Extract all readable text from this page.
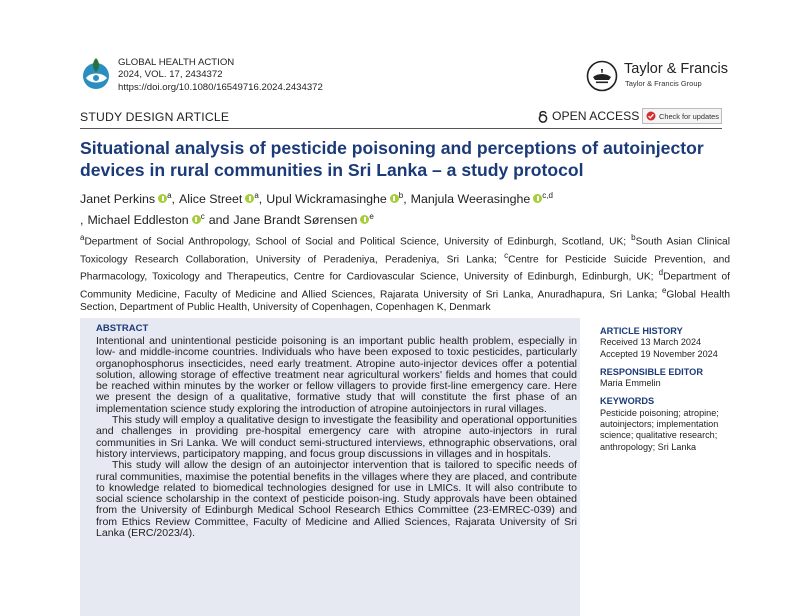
GLOBAL HEALTH ACTION
2024, VOL. 17, 2434372
https://doi.org/10.1080/16549716.2024.2434372
Taylor & Francis
Taylor & Francis Group
STUDY DESIGN ARTICLE	OPEN ACCESS	Check for updates
Situational analysis of pesticide poisoning and perceptions of autoinjector devices in rural communities in Sri Lanka – a study protocol
Janet Perkins $^a$, Alice Street $^a$, Upul Wickramasinghe $^b$, Manjula Weerasinghe $^{c,d}$
, Michael Eddleston $^c$ and Jane Brandt Sørensen $^e$
$^a$Department of Social Anthropology, School of Social and Political Science, University of Edinburgh, Scotland, UK; $^b$South Asian Clinical Toxicology Research Collaboration, University of Peradeniya, Peradeniya, Sri Lanka; $^c$Centre for Pesticide Suicide Prevention, and Pharmacology, Toxicology and Therapeutics, Centre for Cardiovascular Science, University of Edinburgh, Edinburgh, UK; $^d$Department of Community Medicine, Faculty of Medicine and Allied Sciences, Rajarata University of Sri Lanka, Anuradhapura, Sri Lanka; $^e$Global Health Section, Department of Public Health, University of Copenhagen, Copenhagen K, Denmark
ABSTRACT

Intentional and unintentional pesticide poisoning is an important public health problem, especially in low- and middle-income countries. Individuals who have been exposed to toxic pesticides, particularly organophosphorus insecticides, need early treatment. Atropine auto-injector devices offer a potential solution, allowing storage of effective treatment near agricultural workers' fields and homes that could be reached within minutes by the worker or fellow villagers to provide first-line emergency care. Here we present the design of a qualitative, formative study that will constitute the first phase of an implementation science study exploring the introduction of atropine autoinjectors in rural villages.

This study will employ a qualitative design to investigate the feasibility and operational opportunities and challenges in providing pre-hospital emergency care with atropine auto-injectors in rural communities in Sri Lanka. We will conduct semi-structured interviews, ethnographic observations, oral history interviews, participatory mapping, and focus group discussions in villages and in hospitals.

This study will allow the design of an autoinjector intervention that is tailored to specific needs of rural communities, maximise the potential benefits in the villages where they are placed, and contribute to knowledge related to biomedical technologies designed for use in LMICs. It will also contribute to social science scholarship in the context of pesticide poison-ing. Study approvals have been obtained from the University of Edinburgh Medical School Research Ethics Committee (23-EMREC-039) and from Ethics Review Committee, Faculty of Medicine and Allied Sciences, Rajarata University of Sri Lanka (ERC/2023/4).

ARTICLE HISTORY
Received 13 March 2024
Accepted 19 November 2024
RESPONSIBLE EDITOR
Maria Emmelin
KEYWORDS
Pesticide poisoning; atropine; autoinjectors; implementation science; qualitative research; anthropology; Sri Lanka
